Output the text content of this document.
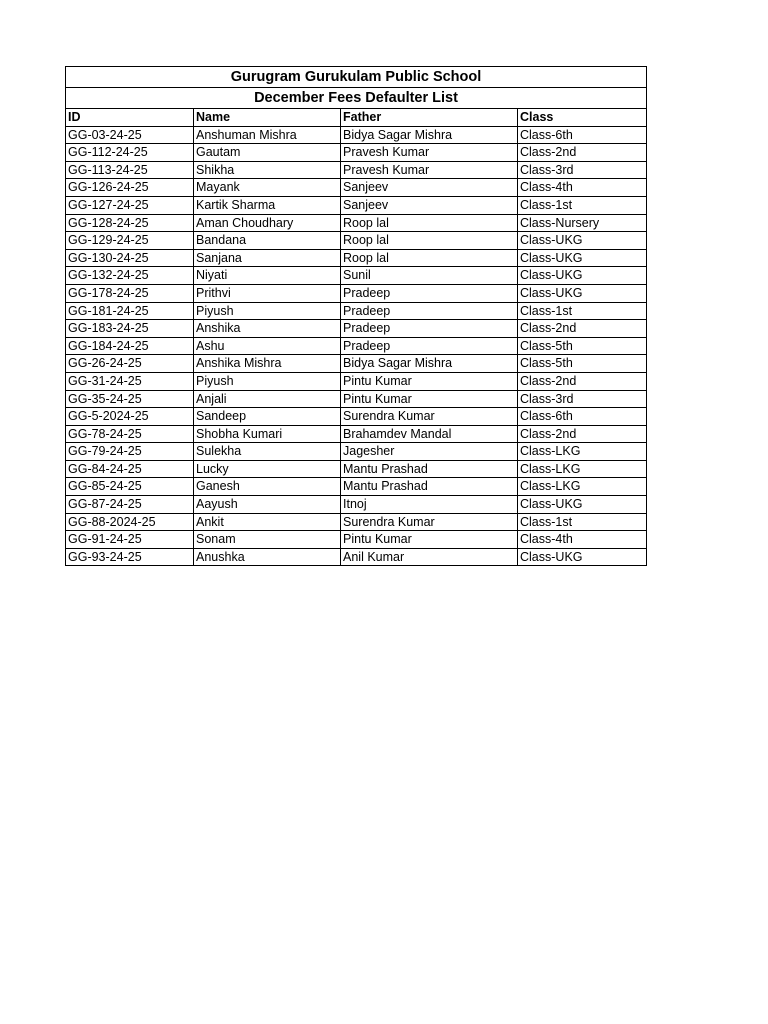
Gurugram Gurukulam Public School			
December Fees Defaulter List			
ID	Name	Father	Class
GG-03-24-25	Anshuman Mishra	Bidya Sagar Mishra	Class-6th
GG-112-24-25	Gautam	Pravesh Kumar	Class-2nd
GG-113-24-25	Shikha	Pravesh Kumar	Class-3rd
GG-126-24-25	Mayank	Sanjeev	Class-4th
GG-127-24-25	Kartik Sharma	Sanjeev	Class-1st
GG-128-24-25	Aman Choudhary	Roop lal	Class-Nursery
GG-129-24-25	Bandana	Roop lal	Class-UKG
GG-130-24-25	Sanjana	Roop lal	Class-UKG
GG-132-24-25	Niyati	Sunil	Class-UKG
GG-178-24-25	Prithvi	Pradeep	Class-UKG
GG-181-24-25	Piyush	Pradeep	Class-1st
GG-183-24-25	Anshika	Pradeep	Class-2nd
GG-184-24-25	Ashu	Pradeep	Class-5th
GG-26-24-25	Anshika Mishra	Bidya Sagar Mishra	Class-5th
GG-31-24-25	Piyush	Pintu Kumar	Class-2nd
GG-35-24-25	Anjali	Pintu Kumar	Class-3rd
GG-5-2024-25	Sandeep	Surendra Kumar	Class-6th
GG-78-24-25	Shobha Kumari	Brahamdev Mandal	Class-2nd
GG-79-24-25	Sulekha	Jagesher	Class-LKG
GG-84-24-25	Lucky	Mantu Prashad	Class-LKG
GG-85-24-25	Ganesh	Mantu Prashad	Class-LKG
GG-87-24-25	Aayush	Itnoj	Class-UKG
GG-88-2024-25	Ankit	Surendra Kumar	Class-1st
GG-91-24-25	Sonam	Pintu Kumar	Class-4th
GG-93-24-25	Anushka	Anil Kumar	Class-UKG
